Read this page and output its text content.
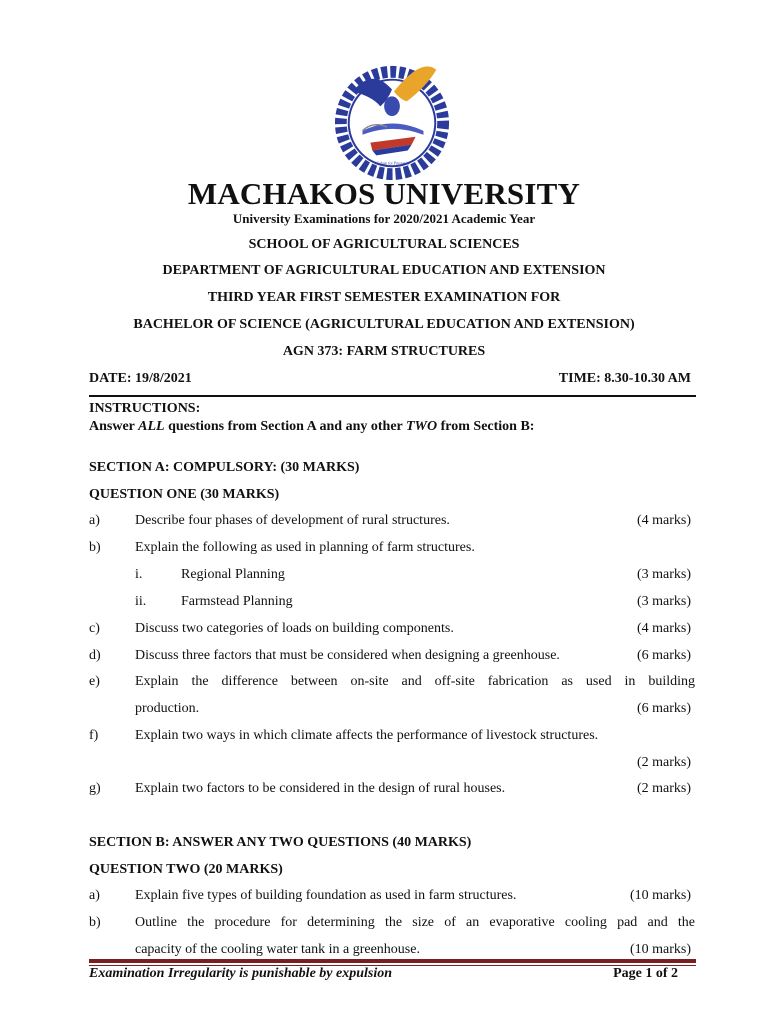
Wisdom for Prosperity
MACHAKOS UNIVERSITY
University Examinations for 2020/2021 Academic Year
SCHOOL OF AGRICULTURAL SCIENCES
DEPARTMENT OF AGRICULTURAL EDUCATION AND EXTENSION
THIRD YEAR FIRST SEMESTER EXAMINATION FOR
BACHELOR OF SCIENCE (AGRICULTURAL EDUCATION AND EXTENSION)
AGN 373: FARM STRUCTURES
DATE: 19/8/2021	TIME: 8.30-10.30 AM
INSTRUCTIONS:
Answer ALL questions from Section A and any other TWO from Section B:
SECTION A: COMPULSORY: (30 MARKS)
QUESTION ONE (30 MARKS)
a)	Describe four phases of development of rural structures.	(4 marks)
b) Explain the following as used in planning of farm structures.
i.	Regional Planning	(3 marks)
ii. Farmstead Planning	(3 marks)
c)	Discuss two categories of loads on building components.	(4 marks)
d) Discuss three factors that must be considered when designing a greenhouse.	(6 marks)
e)	Explain the difference between on-site and off-site fabrication as used in building
production.	(6 marks)
f)	Explain two ways in which climate affects the performance of livestock structures.
(2 marks)
g) Explain two factors to be considered in the design of rural houses.	(2 marks)
SECTION B: ANSWER ANY TWO QUESTIONS (40 MARKS)
QUESTION TWO (20 MARKS)
a)	Explain five types of building foundation as used in farm structures.	(10 marks)
b) Outline the procedure for determining the size of an evaporative cooling pad and the
capacity of the cooling water tank in a greenhouse.	(10 marks)
Examination Irregularity is punishable by expulsion	Page 1 of 2
